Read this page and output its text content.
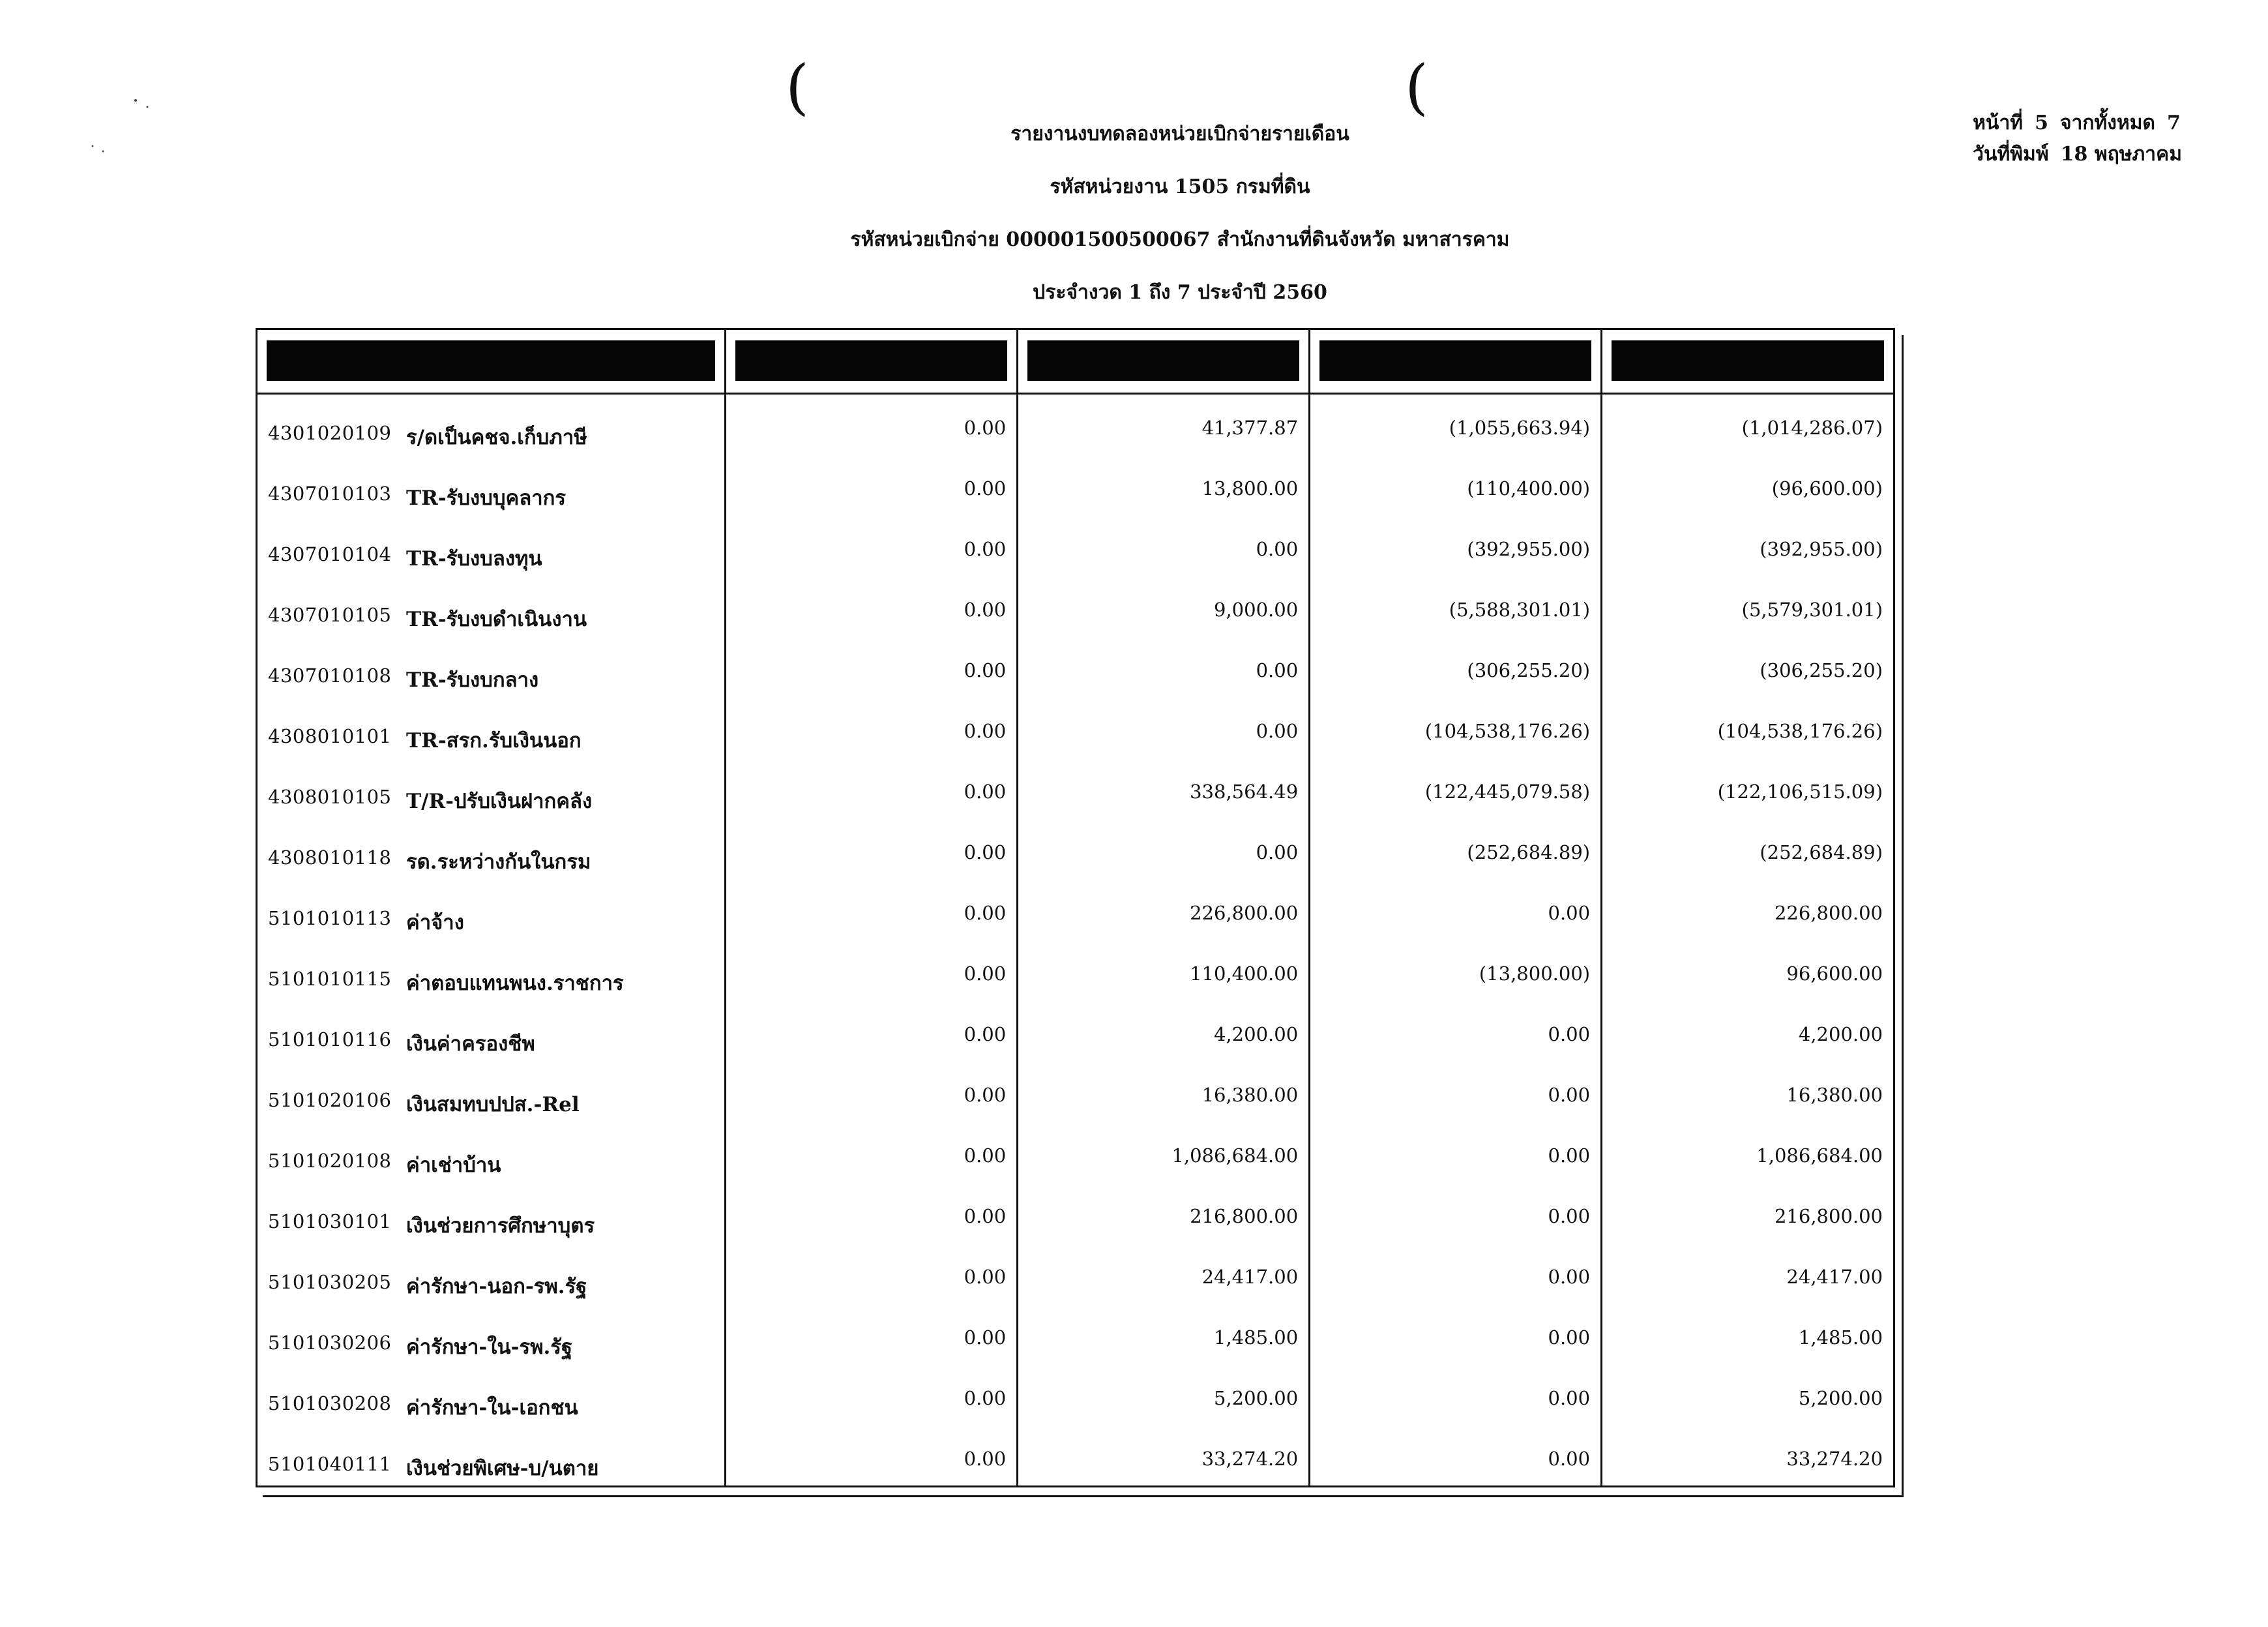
(	(
รายงานงบทดลองหน่วยเบิกจ่ายรายเดือน
รหัสหน่วยงาน 1505 กรมที่ดิน
รหัสหน่วยเบิกจ่าย 000001500500067 สำนักงานที่ดินจังหวัด มหาสารคาม
ประจำงวด 1 ถึง 7 ประจำปี 2560
หน้าที่ 5 จากทั้งหมด 7
วันที่พิมพ์ 18 พฤษภาคม
4301020109 ร/ดเป็นคชจ.เก็บภาษี	0.00	41,377.87	(1,055,663.94)	(1,014,286.07)
4307010103 TR-รับงบบุคลากร	0.00	13,800.00	(110,400.00)	(96,600.00)
4307010104 TR-รับงบลงทุน	0.00	0.00	(392,955.00)	(392,955.00)
4307010105 TR-รับงบดำเนินงาน	0.00	9,000.00	(5,588,301.01)	(5,579,301.01)
4307010108 TR-รับงบกลาง	0.00	0.00	(306,255.20)	(306,255.20)
4308010101 TR-สรก.รับเงินนอก	0.00	0.00	(104,538,176.26)	(104,538,176.26)
4308010105 T/R-ปรับเงินฝากคลัง	0.00	338,564.49	(122,445,079.58)	(122,106,515.09)
4308010118 รด.ระหว่างกันในกรม	0.00	0.00	(252,684.89)	(252,684.89)
5101010113 ค่าจ้าง	0.00	226,800.00	0.00	226,800.00
5101010115 ค่าตอบแทนพนง.ราชการ	0.00	110,400.00	(13,800.00)	96,600.00
5101010116 เงินค่าครองชีพ	0.00	4,200.00	0.00	4,200.00
5101020106 เงินสมทบปปส.-Rel	0.00	16,380.00	0.00	16,380.00
5101020108 ค่าเช่าบ้าน	0.00	1,086,684.00	0.00	1,086,684.00
5101030101 เงินช่วยการศึกษาบุตร	0.00	216,800.00	0.00	216,800.00
5101030205 ค่ารักษา-นอก-รพ.รัฐ	0.00	24,417.00	0.00	24,417.00
5101030206 ค่ารักษา-ใน-รพ.รัฐ	0.00	1,485.00	0.00	1,485.00
5101030208 ค่ารักษา-ใน-เอกชน	0.00	5,200.00	0.00	5,200.00
5101040111 เงินช่วยพิเศษ-บ/นตาย	0.00	33,274.20	0.00	33,274.20
